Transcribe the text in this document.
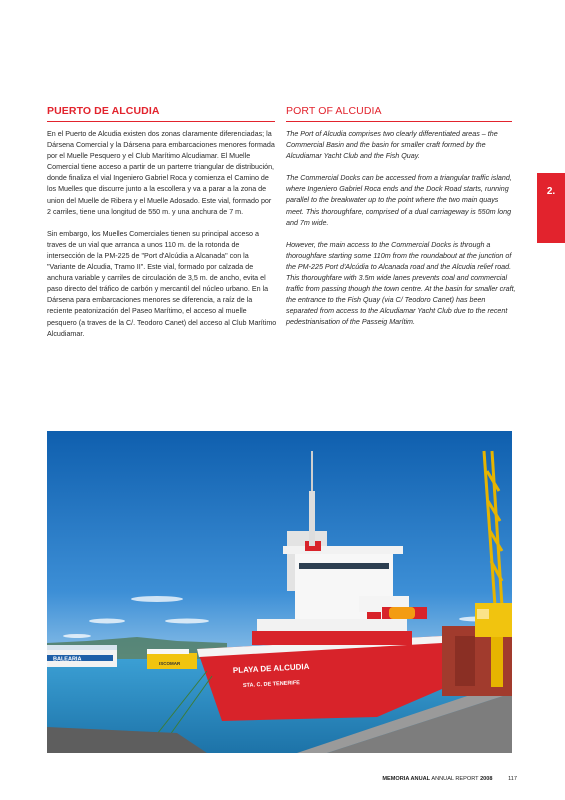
PUERTO DE ALCUDIA

En el Puerto de Alcudia existen dos zonas claramente diferenciadas; la Dársena Comercial y la Dársena para embarcaciones menores formada por el Muelle Pesquero y el Club Marítimo Alcudiamar. El Muelle Comercial tiene acceso a partir de un parterre triangular de distribución, donde finaliza el vial Ingeniero Gabriel Roca y comienza el Camino de los Muelles que discurre junto a la escollera y va a parar a la zona de union del Muelle de Ribera y el Muelle Adosado. Este vial, formado por 2 carriles, tiene una longitud de 550 m. y una anchura de 7 m.

Sin embargo, los Muelles Comerciales tienen su principal acceso a traves de un vial que arranca a unos 110 m. de la rotonda de intersección de la PM-225 de "Port d'Alcúdia a Alcanada" con la "Variante de Alcudia, Tramo II". Este vial, formado por calzada de anchura variable y carriles de circulación de 3,5 m. de ancho, evita el paso directo del tráfico de carbón y mercantil del núcleo urbano. En la Dársena para embarcaciones menores se diferencia, a raíz de la reciente peatonización del Paseo Marítimo, el acceso al muelle pesquero (a traves de la C/. Teodoro Canet) del acceso al Club Marítimo Alcudiamar.

PORT OF ALCUDIA

The Port of Alcudia comprises two clearly differentiated areas – the Commercial Basin and the basin for smaller craft formed by the Alcudiamar Yacht Club and the Fish Quay.

The Commercial Docks can be accessed from a triangular traffic island, where Ingeniero Gabriel Roca ends and the Dock Road starts, running parallel to the breakwater up to the point where the two main quays meet. This thoroughfare, comprised of a dual carriageway is 550m long and 7m wide.

However, the main access to the Commercial Docks is through a thoroughfare starting some 110m from the roundabout at the junction of the PM-225 Port d'Alcúdia to Alcanada road and the Alcudia relief road. This thoroughfare with 3.5m wide lanes prevents coal and commercial traffic from passing though the town centre. At the basin for smaller craft, the entrance to the Fish Quay (via C/ Teodoro Canet) has been separated from access to the Alcudiamar Yacht Club due to the recent pedestrianisation of the Passeig Marítim.

2.
BALEARIA
ISCOMAR	PLAYA DE ALCUDIA
STA. C. DE TENERIFE
MEMORIA ANUAL ANNUAL REPORT 2008	117
